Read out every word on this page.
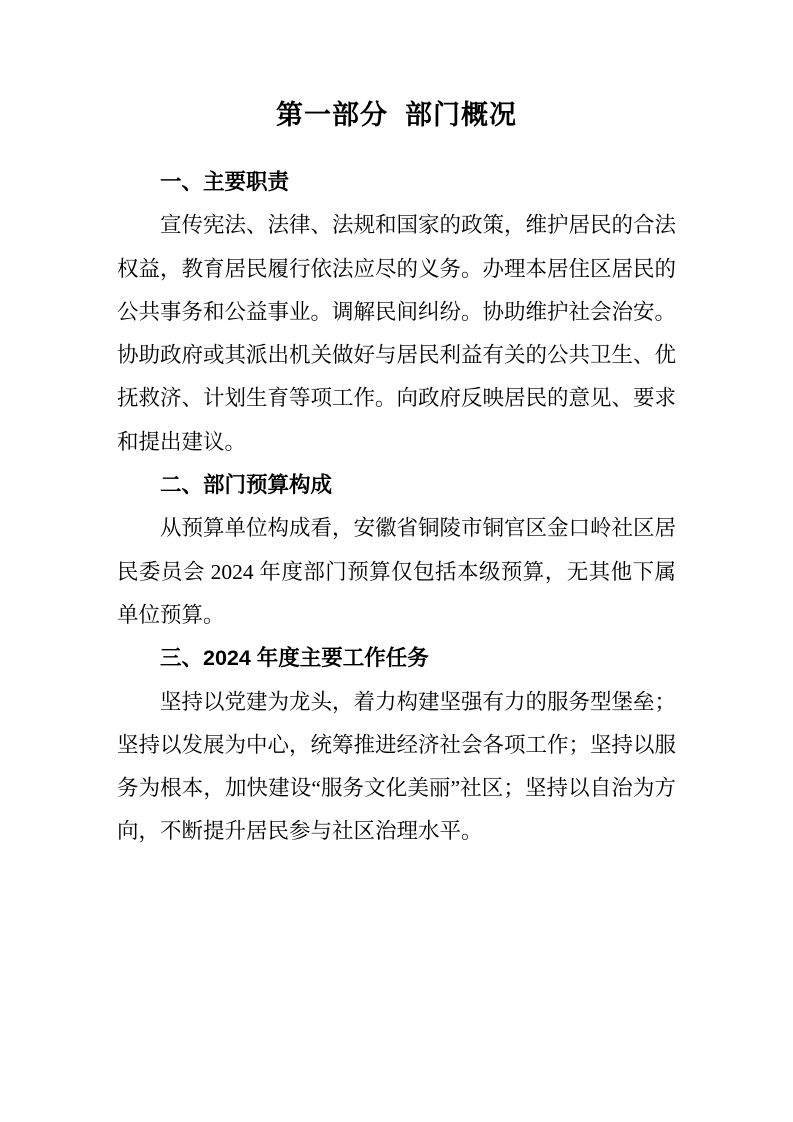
第一部分  部门概况
一、主要职责

宣传宪法、法律、法规和国家的政策，维护居民的合法权益，教育居民履行依法应尽的义务。办理本居住区居民的公共事务和公益事业。调解民间纠纷。协助维护社会治安。协助政府或其派出机关做好与居民利益有关的公共卫生、优抚救济、计划生育等项工作。向政府反映居民的意见、要求和提出建议。

二、部门预算构成

从预算单位构成看，安徽省铜陵市铜官区金口岭社区居民委员会 2024 年度部门预算仅包括本级预算，无其他下属单位预算。

三、2024 年度主要工作任务

坚持以党建为龙头，着力构建坚强有力的服务型堡垒；坚持以发展为中心，统筹推进经济社会各项工作；坚持以服务为根本，加快建设“服务文化美丽”社区；坚持以自治为方向，不断提升居民参与社区治理水平。
